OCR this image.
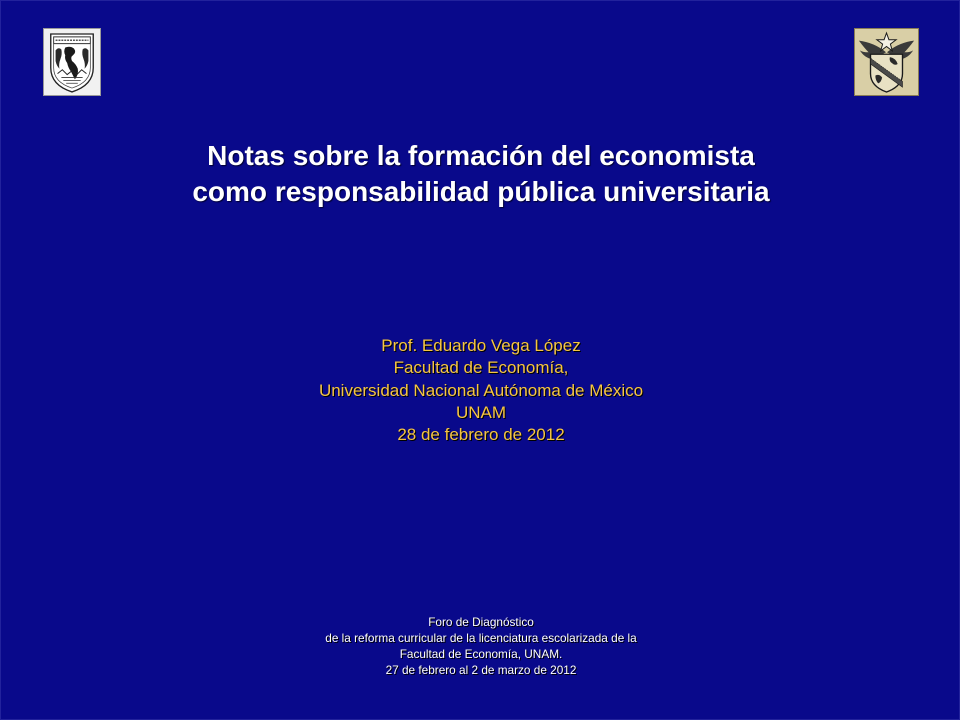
Notas sobre la formación del economista
como responsabilidad pública universitaria
Prof. Eduardo Vega López
Facultad de Economía,
Universidad Nacional Autónoma de México
UNAM
28 de febrero de 2012
Foro de Diagnóstico
de la reforma curricular de la licenciatura escolarizada de la
Facultad de Economía, UNAM.
27 de febrero al 2 de marzo de 2012
